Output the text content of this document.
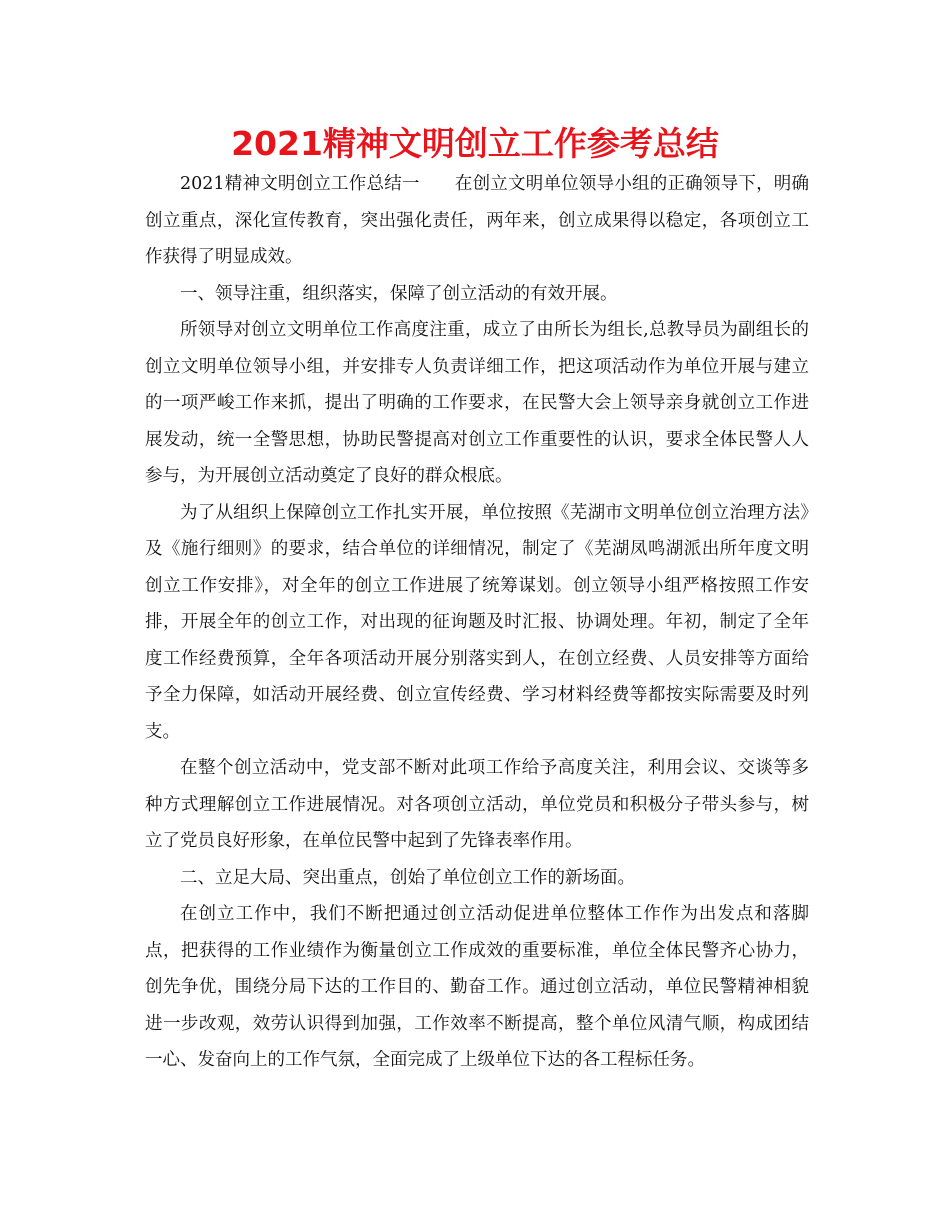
2021精神文明创立工作参考总结

2021精神文明创立工作总结一 在创立文明单位领导小组的正确领导下，明确创立重点，深化宣传教育，突出强化责任，两年来，创立成果得以稳定，各项创立工作获得了明显成效。

一、领导注重，组织落实，保障了创立活动的有效开展。

所领导对创立文明单位工作高度注重，成立了由所长为组长,总教导员为副组长的创立文明单位领导小组，并安排专人负责详细工作，把这项活动作为单位开展与建立的一项严峻工作来抓，提出了明确的工作要求，在民警大会上领导亲身就创立工作进展发动，统一全警思想，协助民警提高对创立工作重要性的认识，要求全体民警人人参与，为开展创立活动奠定了良好的群众根底。

为了从组织上保障创立工作扎实开展，单位按照《芜湖市文明单位创立治理方法》及《施行细则》的要求，结合单位的详细情况，制定了《芜湖凤鸣湖派出所年度文明创立工作安排》，对全年的创立工作进展了统筹谋划。创立领导小组严格按照工作安排，开展全年的创立工作，对出现的征询题及时汇报、协调处理。年初，制定了全年度工作经费预算，全年各项活动开展分别落实到人，在创立经费、人员安排等方面给予全力保障，如活动开展经费、创立宣传经费、学习材料经费等都按实际需要及时列支。

在整个创立活动中，党支部不断对此项工作给予高度关注，利用会议、交谈等多种方式理解创立工作进展情况。对各项创立活动，单位党员和积极分子带头参与，树立了党员良好形象，在单位民警中起到了先锋表率作用。

二、立足大局、突出重点，创始了单位创立工作的新场面。

在创立工作中，我们不断把通过创立活动促进单位整体工作作为出发点和落脚点，把获得的工作业绩作为衡量创立工作成效的重要标准，单位全体民警齐心协力，创先争优，围绕分局下达的工作目的、勤奋工作。通过创立活动，单位民警精神相貌进一步改观，效劳认识得到加强，工作效率不断提高，整个单位风清气顺，构成团结一心、发奋向上的工作气氛，全面完成了上级单位下达的各工程标任务。
